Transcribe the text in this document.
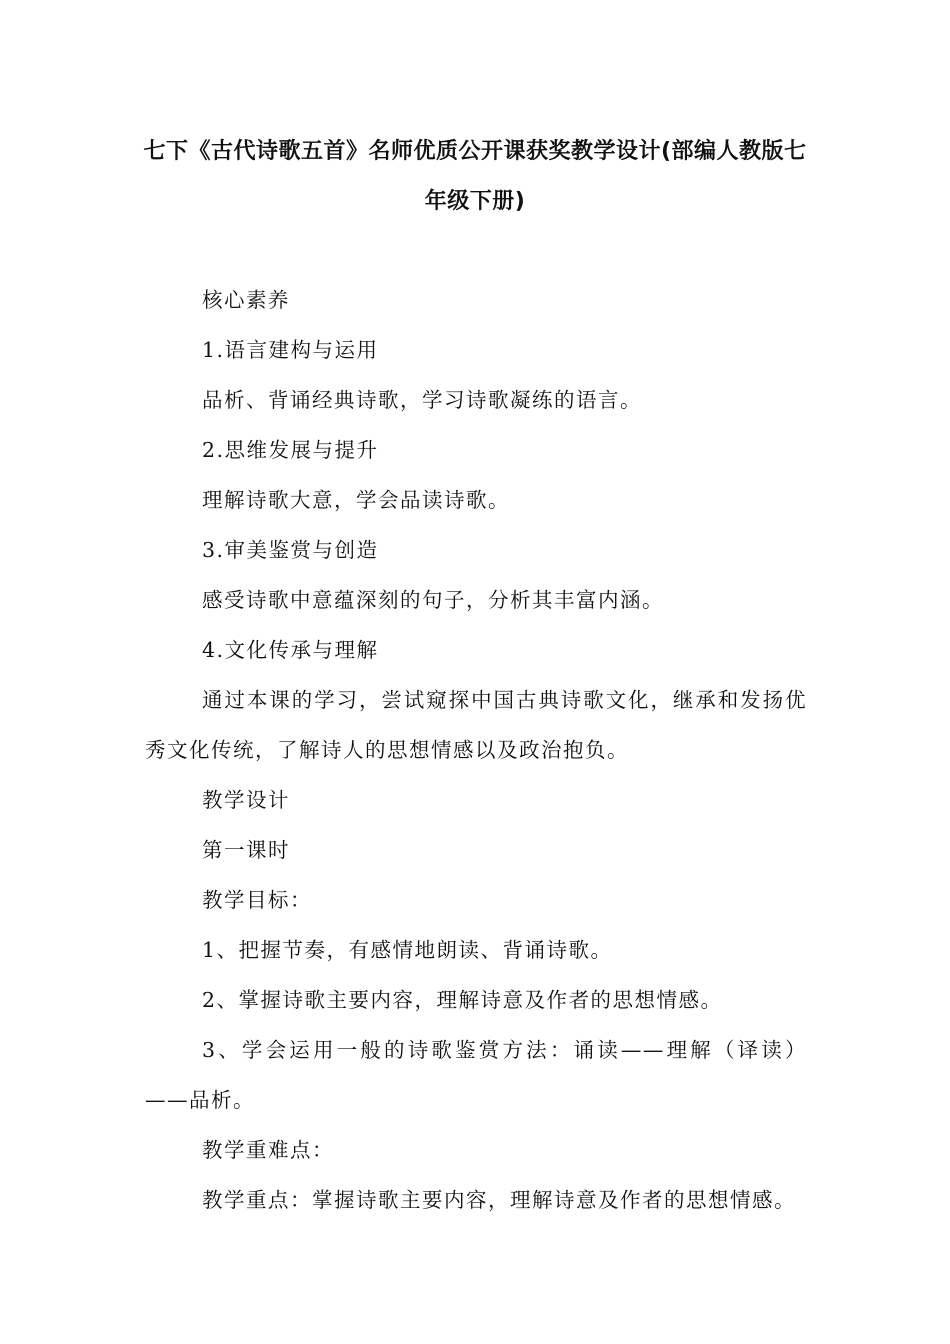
七下《古代诗歌五首》名师优质公开课获奖教学设计(部编人教版七
年级下册)

核心素养

1.语言建构与运用

品析、背诵经典诗歌，学习诗歌凝练的语言。

2.思维发展与提升

理解诗歌大意，学会品读诗歌。

3.审美鉴赏与创造

感受诗歌中意蕴深刻的句子，分析其丰富内涵。

4.文化传承与理解

通过本课的学习，尝试窥探中国古典诗歌文化，继承和发扬优秀文化传统，了解诗人的思想情感以及政治抱负。

教学设计

第一课时

教学目标：

1、把握节奏，有感情地朗读、背诵诗歌。

2、掌握诗歌主要内容，理解诗意及作者的思想情感。

3、学会运用一般的诗歌鉴赏方法：诵读——理解（译读）——品析。

教学重难点：

教学重点：掌握诗歌主要内容，理解诗意及作者的思想情感。
